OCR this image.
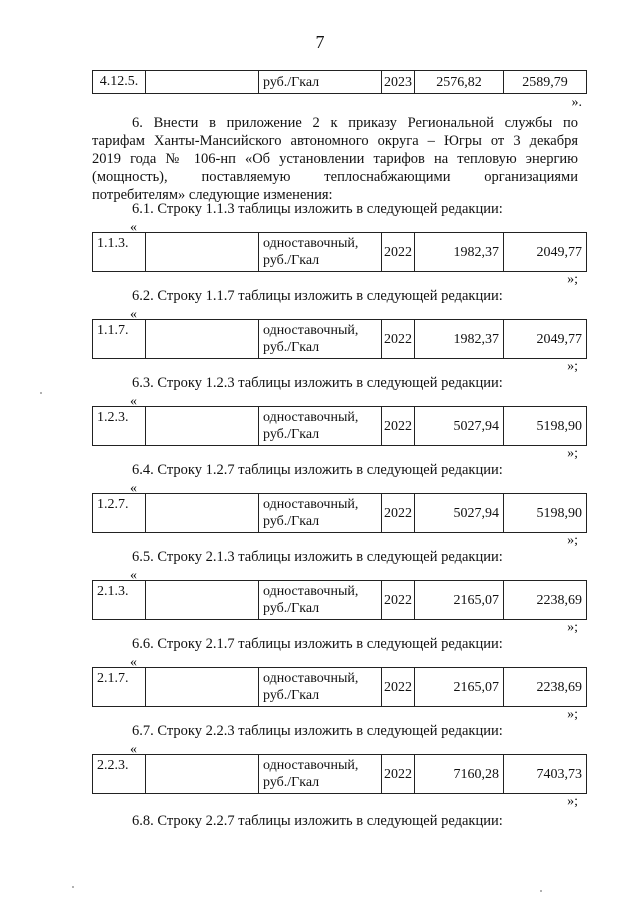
7
4.12.5.		руб./Гкал	2023	2576,82	2589,79
».
6. Внести в приложение 2 к приказу Региональной службы по
тарифам Ханты-Мансийского автономного округа – Югры от 3 декабря
2019 года № 106-нп «Об установлении тарифов на тепловую энергию
(мощность), поставляемую теплоснабжающими организациями
потребителям» следующие изменения:
6.1. Строку 1.1.3 таблицы изложить в следующей редакции:
«
1.1.3.		одноставочный,
руб./Гкал	2022	1982,37	2049,77
»;
6.2. Строку 1.1.7 таблицы изложить в следующей редакции:
«
1.1.7.		одноставочный,
руб./Гкал	2022	1982,37	2049,77
»;
6.3. Строку 1.2.3 таблицы изложить в следующей редакции:
«
1.2.3.		одноставочный,
руб./Гкал	2022	5027,94	5198,90
»;
6.4. Строку 1.2.7 таблицы изложить в следующей редакции:
«
1.2.7.		одноставочный,
руб./Гкал	2022	5027,94	5198,90
»;
6.5. Строку 2.1.3 таблицы изложить в следующей редакции:
«
2.1.3.		одноставочный,
руб./Гкал	2022	2165,07	2238,69
»;
6.6. Строку 2.1.7 таблицы изложить в следующей редакции:
«
2.1.7.		одноставочный,
руб./Гкал	2022	2165,07	2238,69
»;
6.7. Строку 2.2.3 таблицы изложить в следующей редакции:
«
2.2.3.		одноставочный,
руб./Гкал	2022	7160,28	7403,73
»;
6.8. Строку 2.2.7 таблицы изложить в следующей редакции:
